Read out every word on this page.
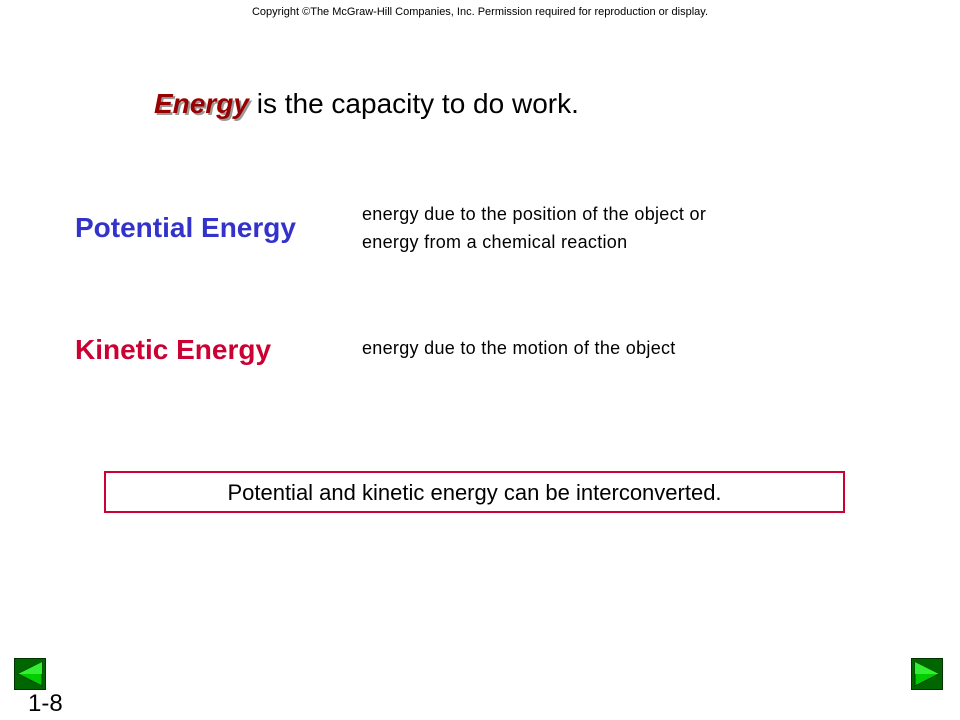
Copyright ©The McGraw-Hill Companies, Inc. Permission required for reproduction or display.
Energy is the capacity to do work.
Potential Energy	energy due to the position of the object or
energy from a chemical reaction
Kinetic Energy	energy due to the motion of the object
Potential and kinetic energy can be interconverted.
1-8
